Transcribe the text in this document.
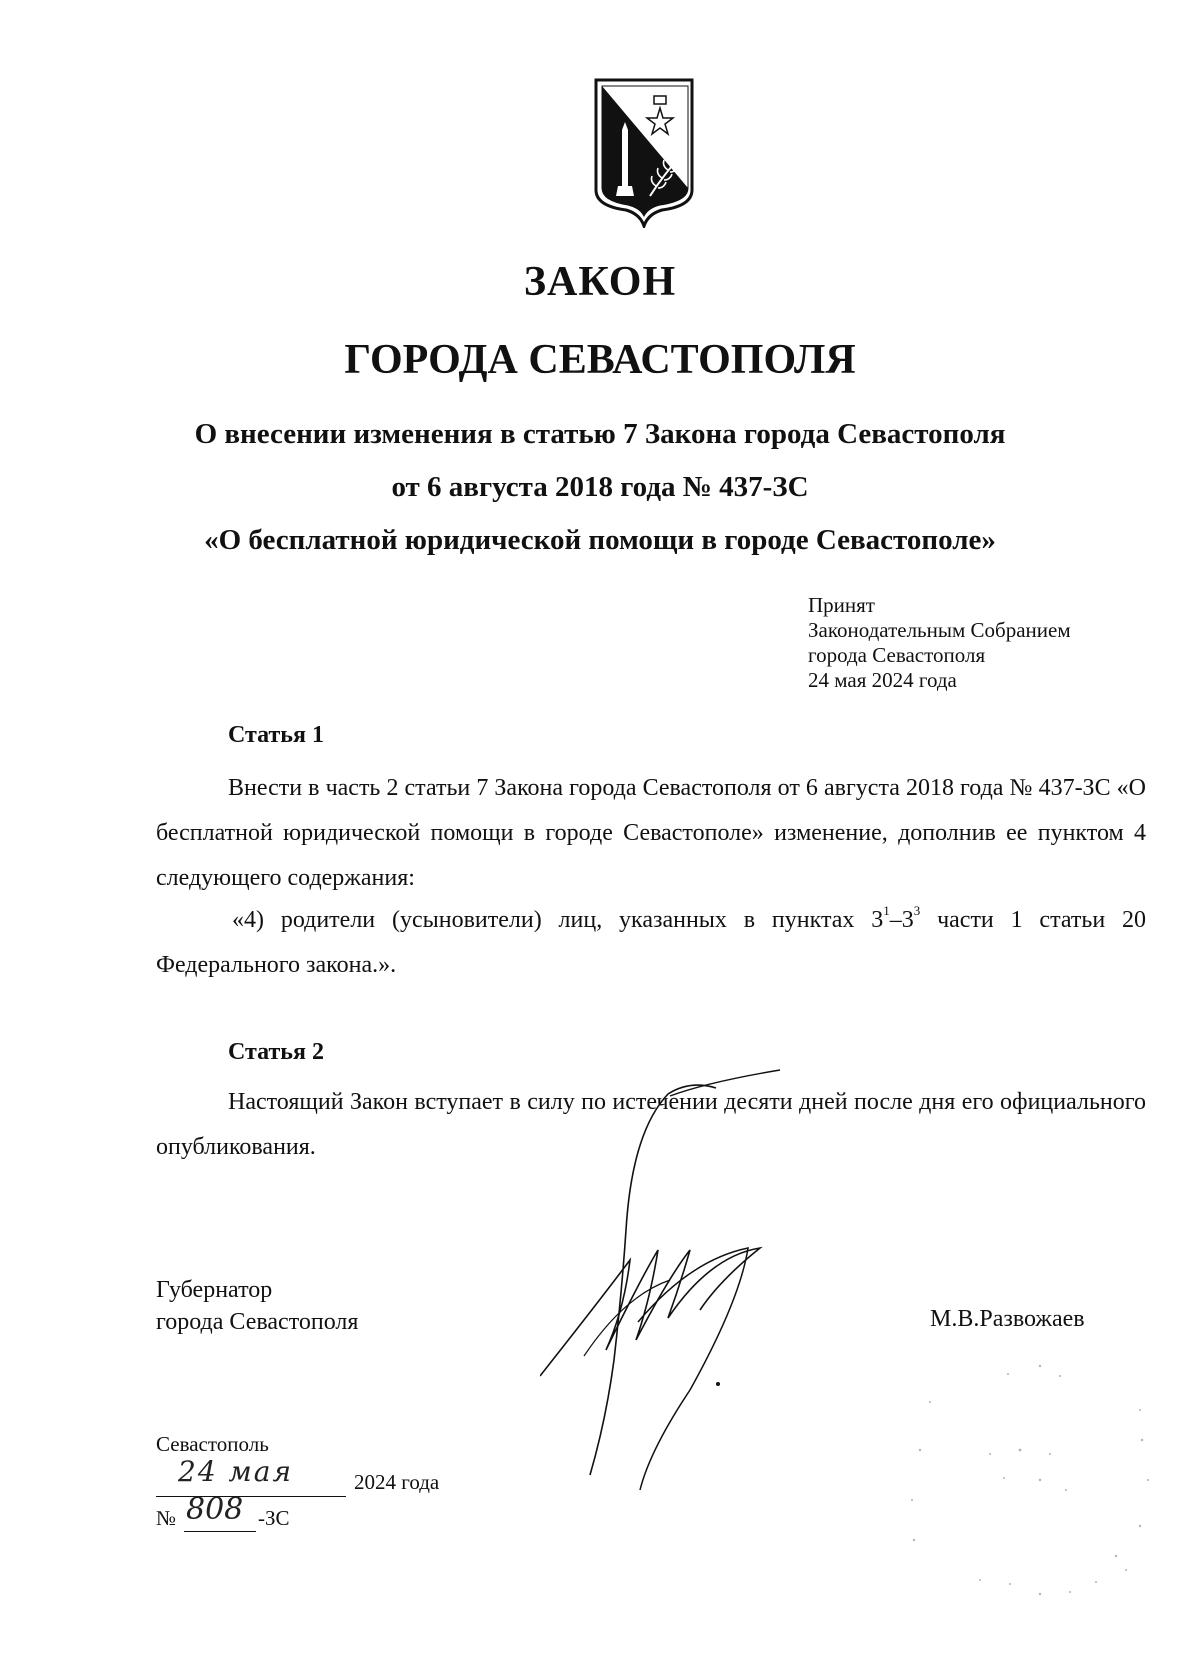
ЗАКОН
ГОРОДА СЕВАСТОПОЛЯ
О внесении изменения в статью 7 Закона города Севастополя
от 6 августа 2018 года № 437-ЗС
«О бесплатной юридической помощи в городе Севастополе»
Принят
Законодательным Собранием
города Севастополя
24 мая 2024 года
Статья 1
Внести в часть 2 статьи 7 Закона города Севастополя от 6 августа 2018 года № 437-ЗС «О бесплатной юридической помощи в городе Севастополе» изменение, дополнив ее пунктом 4 следующего содержания:
«4) родители (усыновители) лиц, указанных в пунктах $3^1-3^3$ части 1 статьи 20 Федерального закона.».
Статья 2
Настоящий Закон вступает в силу по истечении десяти дней после дня его официального опубликования.
Губернатор
города Севастополя	М.В.Развожаев
Севастополь
24 мая	2024 года
№ 808 -ЗС
